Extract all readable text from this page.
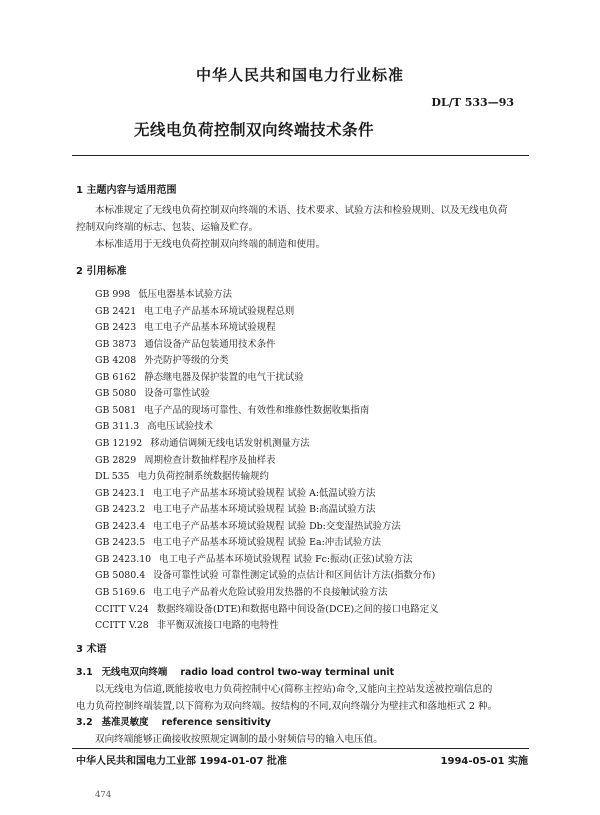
中华人民共和国电力行业标准
DL/T 533—93
无线电负荷控制双向终端技术条件
1 主题内容与适用范围
本标准规定了无线电负荷控制双向终端的术语、技术要求、试验方法和检验规则、以及无线电负荷
控制双向终端的标志、包装、运输及贮存。
本标准适用于无线电负荷控制双向终端的制造和使用。
2 引用标准
GB 998 低压电器基本试验方法
GB 2421 电工电子产品基本环境试验规程总则
GB 2423 电工电子产品基本环境试验规程
GB 3873 通信设备产品包装通用技术条件
GB 4208 外壳防护等级的分类
GB 6162 静态继电器及保护装置的电气干扰试验
GB 5080 设备可靠性试验
GB 5081 电子产品的现场可靠性、有效性和维修性数据收集指南
GB 311.3 高电压试验技术
GB 12192 移动通信调频无线电话发射机测量方法
GB 2829 周期检查计数抽样程序及抽样表
DL 535 电力负荷控制系统数据传输规约
GB 2423.1 电工电子产品基本环境试验规程 试验 A:低温试验方法
GB 2423.2 电工电子产品基本环境试验规程 试验 B:高温试验方法
GB 2423.4 电工电子产品基本环境试验规程 试验 Db:交变湿热试验方法
GB 2423.5 电工电子产品基本环境试验规程 试验 Ea:冲击试验方法
GB 2423.10 电工电子产品基本环境试验规程 试验 Fc:振动(正弦)试验方法
GB 5080.4 设备可靠性试验 可靠性测定试验的点估计和区间估计方法(指数分布)
GB 5169.6 电工电子产品着火危险试验用发热器的不良接触试验方法
CCITT V.24 数据终端设备(DTE)和数据电路中间设备(DCE)之间的接口电路定义
CCITT V.28 非平衡双流接口电路的电特性
3 术语
⌐
3.1 无线电双向终端 radio load control two-way terminal unit
以无线电为信道,既能接收电力负荷控制中心(简称主控站)命令,又能向主控站发送被控端信息的
电力负荷控制终端装置,以下简称为双向终端。按结构的不同,双向终端分为壁挂式和落地柜式 2 种。
3.2 基准灵敏度 reference sensitivity
双向终端能够正确接收按照规定调制的最小射频信号的输入电压值。
中华人民共和国电力工业部 1994-01-07 批准	1994-05-01 实施
474
